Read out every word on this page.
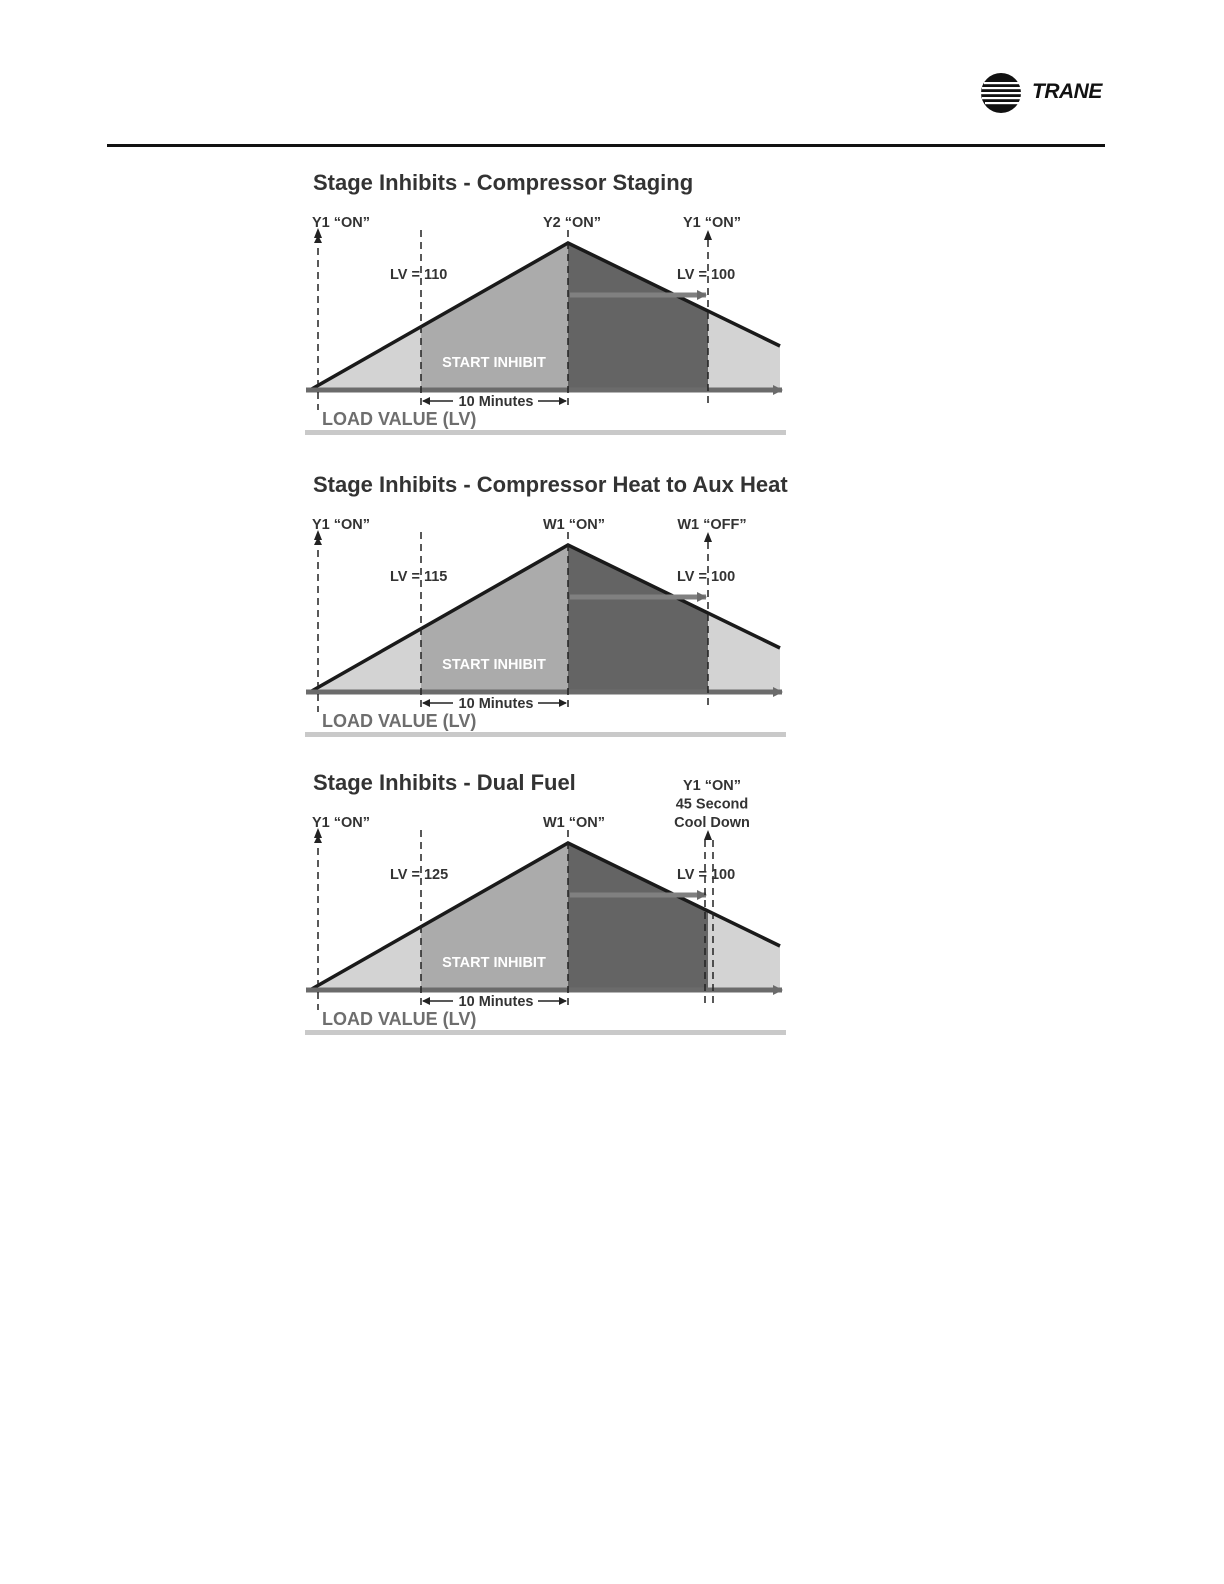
TRANE
Stage Inhibits - Compressor Staging
Y1 “ON”
LV = 110
Y2 “ON”
LV = 100
Y1 “ON”
START INHIBIT
10 Minutes
LOAD VALUE (LV)
Stage Inhibits - Compressor Heat to Aux Heat
Y1 “ON”
LV = 115
W1 “ON”
LV = 100
W1 “OFF”
START INHIBIT
10 Minutes
LOAD VALUE (LV)
Stage Inhibits - Dual Fuel
Y1 “ON”
LV = 125
W1 “ON”
LV = 100
Y1 “ON”
45 Second
Cool Down
START INHIBIT
10 Minutes
LOAD VALUE (LV)
